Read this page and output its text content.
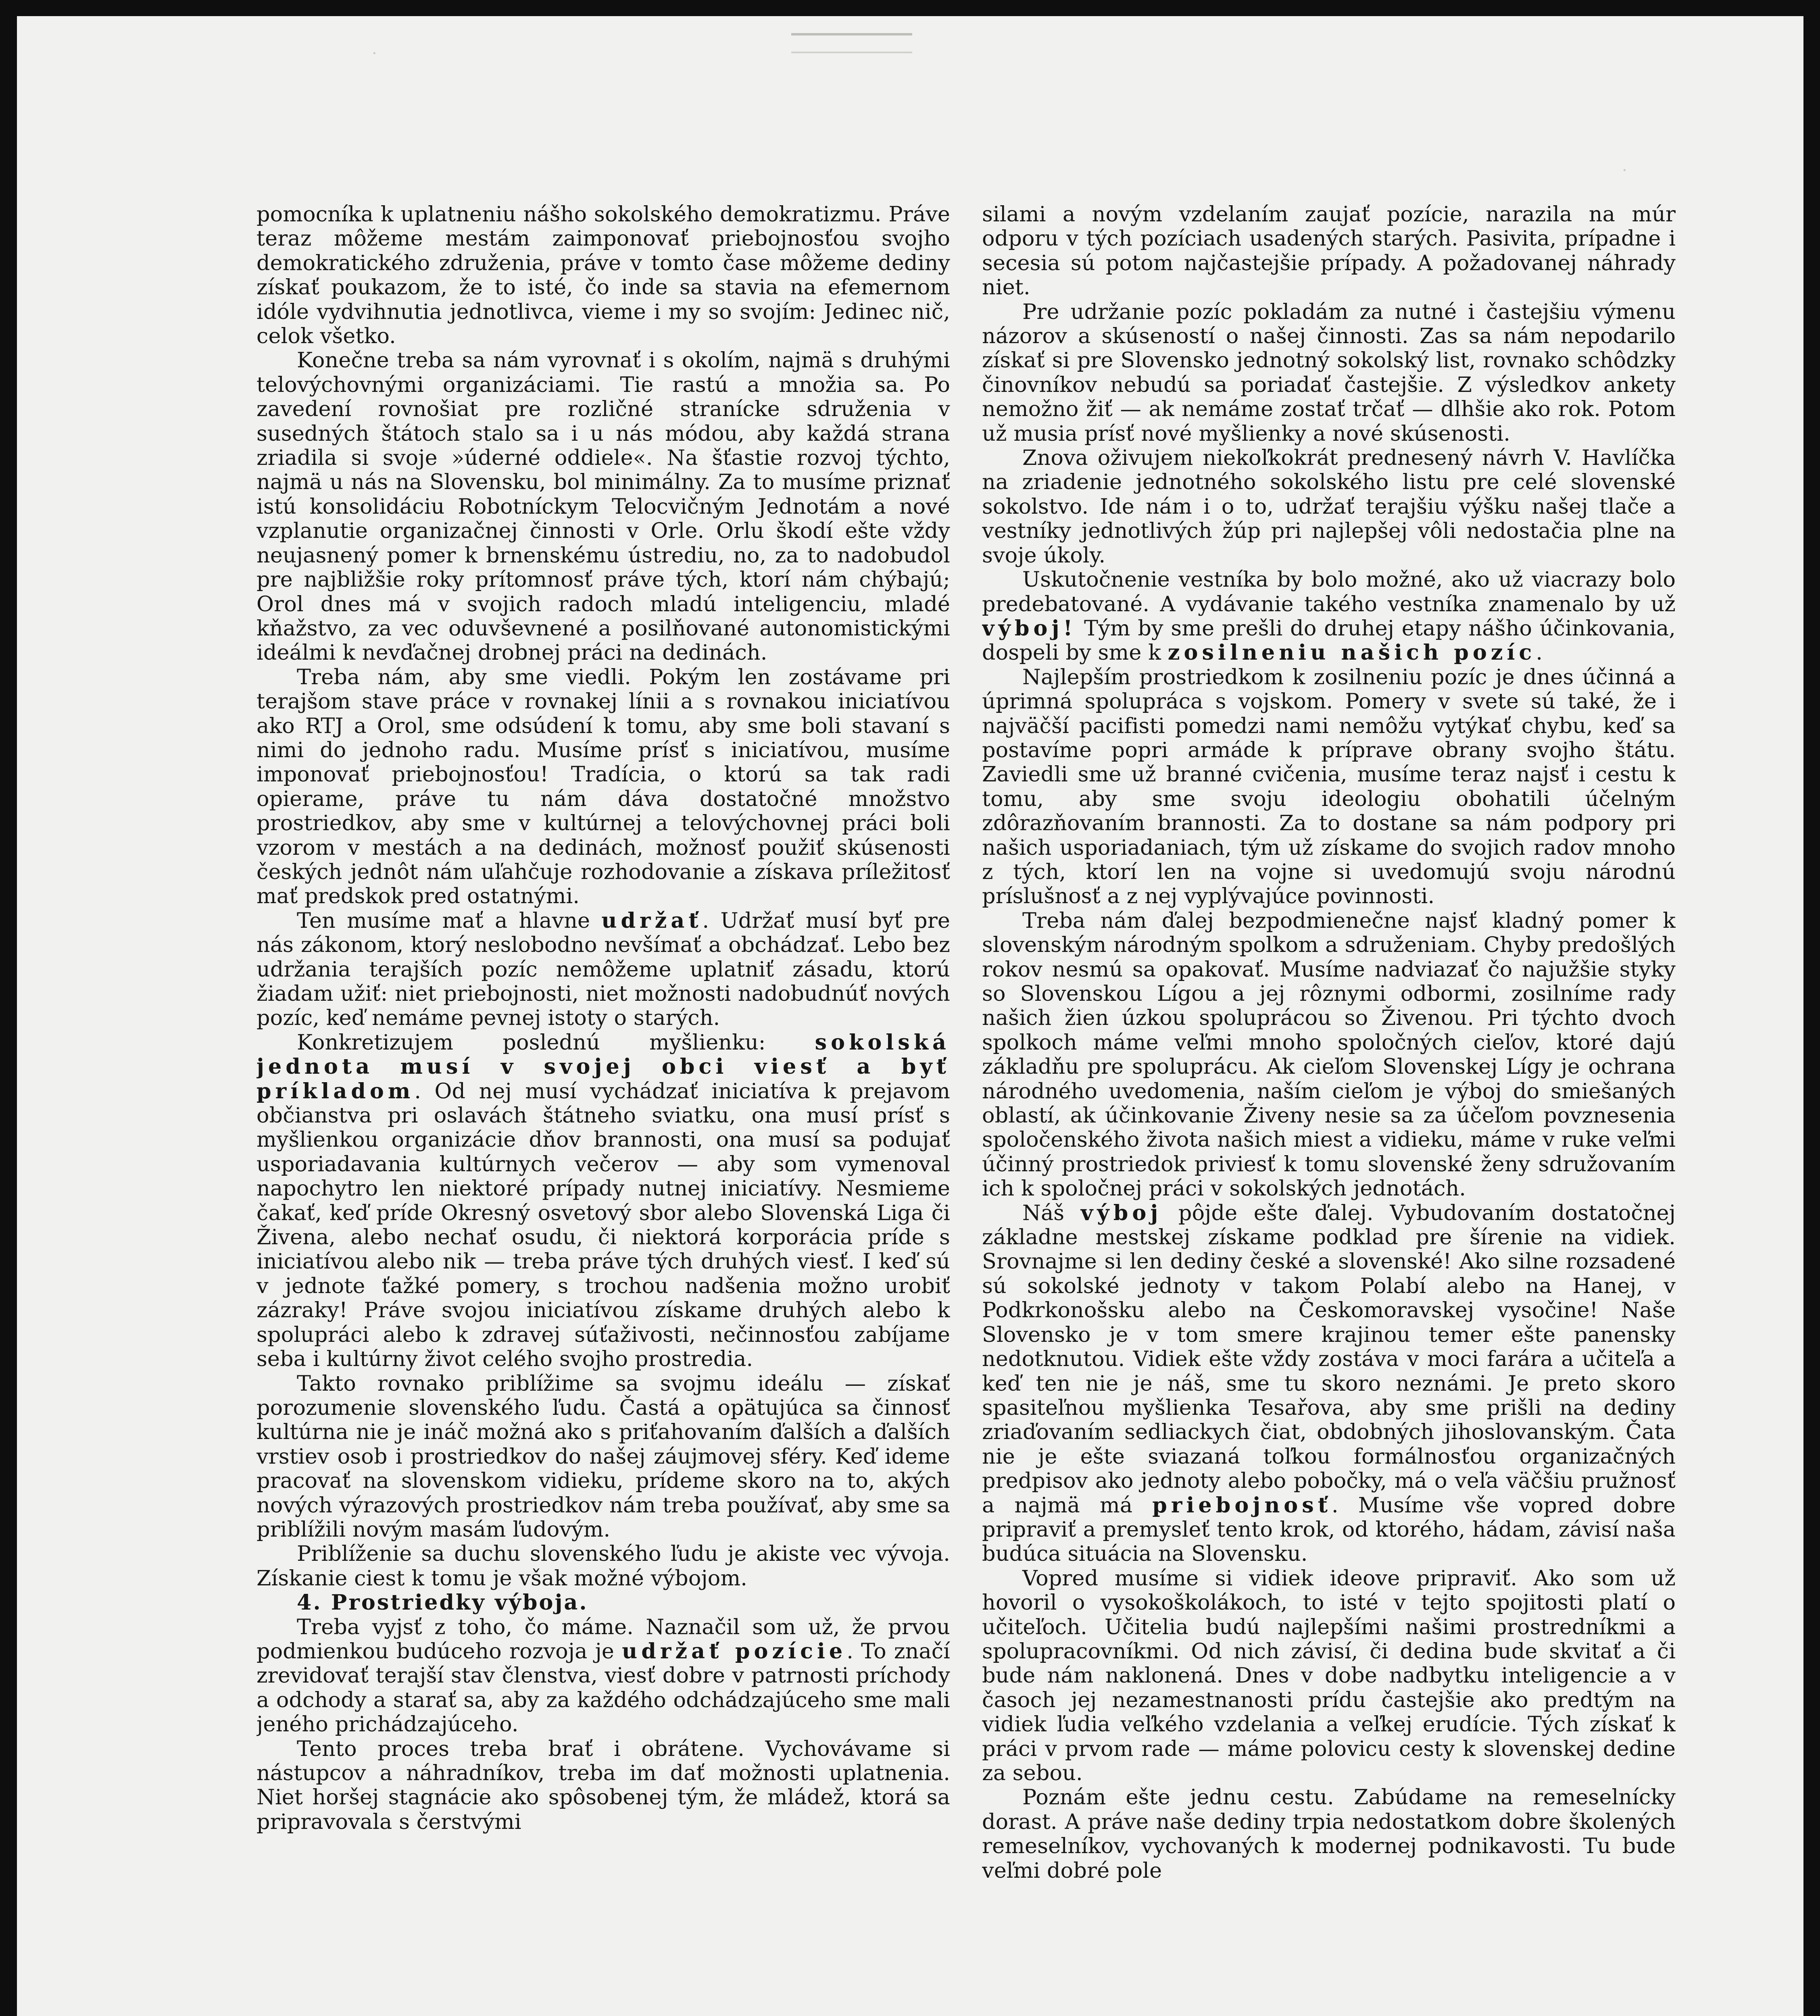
·
·

pomocníka k uplatneniu nášho sokolského demokratizmu. Práve teraz môžeme mestám zaimponovať priebojnosťou svojho demokratického združenia, práve v tomto čase môžeme dediny získať poukazom, že to isté, čo inde sa stavia na efemernom idóle vydvihnutia jednotlivca, vieme i my so svojím: Jedinec nič, celok všetko.

Konečne treba sa nám vyrovnať i s okolím, najmä s druhými telovýchovnými organizáciami. Tie rastú a množia sa. Po zavedení rovnošiat pre rozličné stranícke sdruženia v susedných štátoch stalo sa i u nás módou, aby každá strana zriadila si svoje »úderné oddiele«. Na šťastie rozvoj týchto, najmä u nás na Slovensku, bol minimálny. Za to musíme priznať istú konsolidáciu Robotníckym Telocvičným Jednotám a nové vzplanutie organizačnej činnosti v Orle. Orlu škodí ešte vždy neujasnený pomer k brnenskému ústrediu, no, za to nadobudol pre najbližšie roky prítomnosť práve tých, ktorí nám chýbajú; Orol dnes má v svojich radoch mladú inteligenciu, mladé kňažstvo, za vec oduvševnené a posilňované autonomistickými ideálmi k nevďačnej drobnej práci na dedinách.

Treba nám, aby sme viedli. Pokým len zostávame pri terajšom stave práce v rovnakej línii a s rovnakou iniciatívou ako RTJ a Orol, sme odsúdení k tomu, aby sme boli stavaní s nimi do jednoho radu. Musíme prísť s iniciatívou, musíme imponovať priebojnosťou! Tradícia, o ktorú sa tak radi opierame, práve tu nám dáva dostatočné množstvo prostriedkov, aby sme v kultúrnej a telovýchovnej práci boli vzorom v mestách a na dedinách, možnosť použiť skúsenosti českých jednôt nám uľahčuje rozhodovanie a získava príležitosť mať predskok pred ostatnými.

Ten musíme mať a hlavne udržať. Udržať musí byť pre nás zákonom, ktorý neslobodno nevšímať a obchádzať. Lebo bez udržania terajších pozíc nemôžeme uplatniť zásadu, ktorú žiadam užiť: niet priebojnosti, niet možnosti nadobudnúť nových pozíc, keď nemáme pevnej istoty o starých.

Konkretizujem poslednú myšlienku: sokolská jednota musí v svojej obci viesť a byť príkladom. Od nej musí vychádzať iniciatíva k prejavom občianstva pri oslavách štátneho sviatku, ona musí prísť s myšlienkou organizácie dňov brannosti, ona musí sa podujať usporiadavania kultúrnych večerov — aby som vymenoval napochytro len niektoré prípady nutnej iniciatívy. Nesmieme čakať, keď príde Okresný osvetový sbor alebo Slovenská Liga či Živena, alebo nechať osudu, či niektorá korporácia príde s iniciatívou alebo nik — treba práve tých druhých viesť. I keď sú v jednote ťažké pomery, s trochou nadšenia možno urobiť zázraky! Práve svojou iniciatívou získame druhých alebo k spolupráci alebo k zdravej súťaživosti, nečinnosťou zabíjame seba i kultúrny život celého svojho prostredia.

Takto rovnako priblížime sa svojmu ideálu — získať porozumenie slovenského ľudu. Častá a opätujúca sa činnosť kultúrna nie je ináč možná ako s priťahovaním ďalších a ďalších vrstiev osob i prostriedkov do našej záujmovej sféry. Keď ideme pracovať na slovenskom vidieku, prídeme skoro na to, akých nových výrazových prostriedkov nám treba používať, aby sme sa priblížili novým masám ľudovým.

Priblíženie sa duchu slovenského ľudu je akiste vec vývoja. Získanie ciest k tomu je však možné výbojom.

4. Prostriedky výboja.

Treba vyjsť z toho, čo máme. Naznačil som už, že prvou podmienkou budúceho rozvoja je udržať pozície. To značí zrevidovať terajší stav členstva, viesť dobre v patrnosti príchody a odchody a starať sa, aby za každého odchádzajúceho sme mali jeného prichádzajúceho.

Tento proces treba brať i obrátene. Vychovávame si nástupcov a náhradníkov, treba im dať možnosti uplatnenia. Niet horšej stagnácie ako spôsobenej tým, že mládež, ktorá sa pripravovala s čerstvými

silami a novým vzdelaním zaujať pozície, narazila na múr odporu v tých pozíciach usadených starých. Pasivita, prípadne i secesia sú potom najčastejšie prípady. A požadovanej náhrady niet.

Pre udržanie pozíc pokladám za nutné i častejšiu výmenu názorov a skúseností o našej činnosti. Zas sa nám nepodarilo získať si pre Slovensko jednotný sokolský list, rovnako schôdzky činovníkov nebudú sa poriadať častejšie. Z výsledkov ankety nemožno žiť — ak nemáme zostať trčať — dlhšie ako rok. Potom už musia prísť nové myšlienky a nové skúsenosti.

Znova oživujem niekoľkokrát prednesený návrh V. Havlíčka na zriadenie jednotného sokolského listu pre celé slovenské sokolstvo. Ide nám i o to, udržať terajšiu výšku našej tlače a vestníky jednotlivých žúp pri najlepšej vôli nedostačia plne na svoje úkoly.

Uskutočnenie vestníka by bolo možné, ako už viacrazy bolo predebatované. A vydávanie takého vestníka znamenalo by už výboj! Tým by sme prešli do druhej etapy nášho účinkovania, dospeli by sme k zosilneniu našich pozíc.

Najlepším prostriedkom k zosilneniu pozíc je dnes účinná a úprimná spolupráca s vojskom. Pomery v svete sú také, že i najväčší pacifisti pomedzi nami nemôžu vytýkať chybu, keď sa postavíme popri armáde k príprave obrany svojho štátu. Zaviedli sme už branné cvičenia, musíme teraz najsť i cestu k tomu, aby sme svoju ideologiu obohatili účelným zdôrazňovaním brannosti. Za to dostane sa nám podpory pri našich usporiadaniach, tým už získame do svojich radov mnoho z tých, ktorí len na vojne si uvedomujú svoju národnú príslušnosť a z nej vyplývajúce povinnosti.

Treba nám ďalej bezpodmienečne najsť kladný pomer k slovenským národným spolkom a sdruženiam. Chyby predošlých rokov nesmú sa opakovať. Musíme nadviazať čo najužšie styky so Slovenskou Lígou a jej rôznymi odbormi, zosilníme rady našich žien úzkou spoluprácou so Živenou. Pri týchto dvoch spolkoch máme veľmi mnoho spoločných cieľov, ktoré dajú základňu pre spoluprácu. Ak cieľom Slovenskej Lígy je ochrana národného uvedomenia, naším cieľom je výboj do smiešaných oblastí, ak účinkovanie Živeny nesie sa za účeľom povznesenia spoločenského života našich miest a vidieku, máme v ruke veľmi účinný prostriedok priviesť k tomu slovenské ženy sdružovaním ich k spoločnej práci v sokolských jednotách.

Náš výboj pôjde ešte ďalej. Vybudovaním dostatočnej základne mestskej získame podklad pre šírenie na vidiek. Srovnajme si len dediny české a slovenské! Ako silne rozsadené sú sokolské jednoty v takom Polabí alebo na Hanej, v Podkrkonošsku alebo na Českomoravskej vysočine! Naše Slovensko je v tom smere krajinou temer ešte panensky nedotknutou. Vidiek ešte vždy zostáva v moci farára a učiteľa a keď ten nie je náš, sme tu skoro neznámi. Je preto skoro spasiteľnou myšlienka Tesařova, aby sme prišli na dediny zriaďovaním sedliackych čiat, obdobných jihoslovanským. Čata nie je ešte sviazaná toľkou formálnosťou organizačných predpisov ako jednoty alebo pobočky, má o veľa väčšiu pružnosť a najmä má priebojnosť. Musíme vše vopred dobre pripraviť a premysleť tento krok, od ktorého, hádam, závisí naša budúca situácia na Slovensku.

Vopred musíme si vidiek ideove pripraviť. Ako som už hovoril o vysokoškolákoch, to isté v tejto spojitosti platí o učiteľoch. Učitelia budú najlepšími našimi prostredníkmi a spolupracovníkmi. Od nich závisí, či dedina bude skvitať a či bude nám naklonená. Dnes v dobe nadbytku inteligencie a v časoch jej nezamestnanosti prídu častejšie ako predtým na vidiek ľudia veľkého vzdelania a veľkej erudície. Tých získať k práci v prvom rade — máme polovicu cesty k slovenskej dedine za sebou.

Poznám ešte jednu cestu. Zabúdame na remeselnícky dorast. A práve naše dediny trpia nedostatkom dobre školených remeselníkov, vychovaných k modernej podnikavosti. Tu bude veľmi dobré pole
